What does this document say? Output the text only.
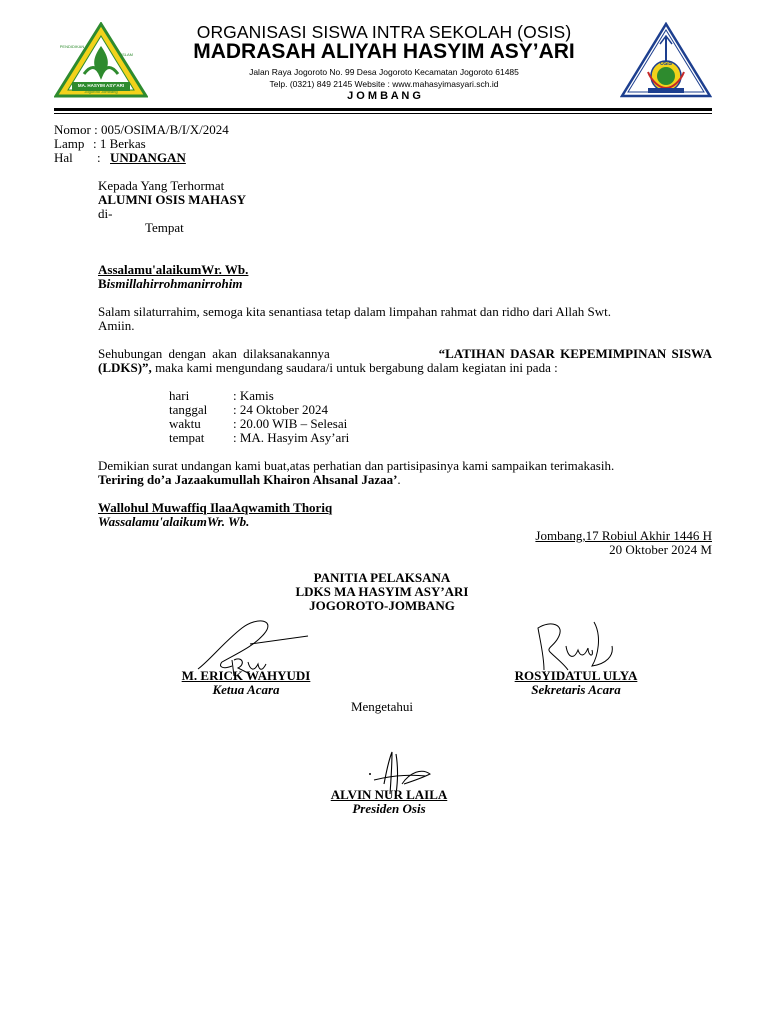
PENDIDIKAN
ISLAM
MA. HASYIM ASY'ARI
Jogoroto Jombang
ORGANISASI SISWA INTRA SEKOLAH (OSIS)
MADRASAH ALIYAH HASYIM ASY’ARI
Jalan Raya Jogoroto No. 99 Desa Jogoroto Kecamatan Jogoroto 61485
Telp. (0321) 849 2145 Website : www.mahasyimasyari.sch.id
J O M B A N G
OSIS
Nomor : 005/OSIMA/B/I/X/2024
Lamp : 1 Berkas
Hal : UNDANGAN
Kepada Yang Terhormat
ALUMNI OSIS MAHASY
di-
Tempat
Assalamu'alaikumWr. Wb.
Bismillahirrohmanirrohim
Salam silaturrahim, semoga kita senantiasa tetap dalam limpahan rahmat dan ridho dari Allah Swt.
Amiin.
Sehubungan dengan akan dilaksanakannya	“LATIHAN DASAR KEPEMIMPINAN SISWA
(LDKS)”, maka kami mengundang saudara/i untuk bergabung dalam kegiatan ini pada :
hari	: Kamis
tanggal	: 24 Oktober 2024
waktu	: 20.00 WIB – Selesai
tempat	: MA. Hasyim Asy’ari
Demikian surat undangan kami buat,atas perhatian dan partisipasinya kami sampaikan terimakasih.
Teriring do’a Jazaakumullah Khairon Ahsanal Jazaa’.
Wallohul Muwaffiq IlaaAqwamith Thoriq
Wassalamu'alaikumWr. Wb.
Jombang,17 Robiul Akhir 1446 H
20 Oktober 2024 M
PANITIA PELAKSANA
LDKS MA HASYIM ASY’ARI
JOGOROTO-JOMBANG
M. ERICK WAHYUDI
Ketua Acara
ROSYIDATUL ULYA
Sekretaris Acara
Mengetahui
ALVIN NUR LAILA
Presiden Osis
